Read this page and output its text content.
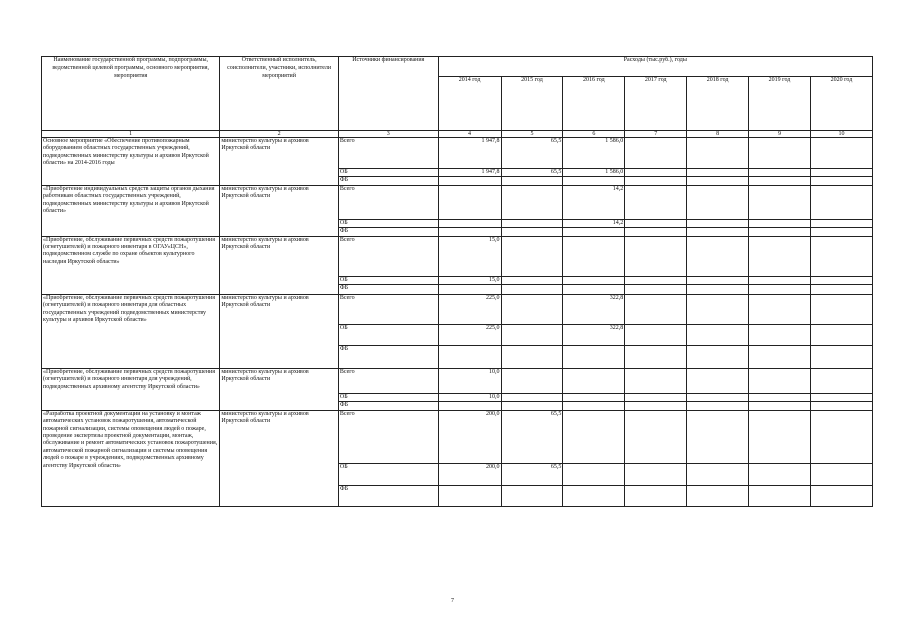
Наименование государственной программы, подпрограммы, ведомственной целевой программы, основного мероприятия, мероприятия	Ответственный исполнитель, соисполнители, участники, исполнители мероприятий	Источники финансирования	Расходы (тыс.руб.), годы						
			2014 год	2015 год	2016 год	2017 год	2018 год	2019 год	2020 год
1	2	3	4	5	6	7	8	9	10
Основное мероприятие «Обеспечение противопожарным оборудованием областных государственных учреждений, подведомственных министерству культуры и архивов Иркутской области» на 2014-2016 годы	министерство культуры и архивов Иркутской области	Всего	1 947,8	65,5	1 586,0				
		ОБ	1 947,8	65,5	1 586,0				
		ФБ							
«Приобретение индивидуальных средств защиты органов дыхания работникам областных государственных учреждений, подведомственных министерству культуры и архивов Иркутской области»	министерство культуры и архивов Иркутской области	Всего			14,2				
		ОБ			14,2				
		ФБ							
«Приобретение, обслуживание первичных средств пожаротушения (огнетушителей) и пожарного инвентаря в ОГАУ«ЦСН», подведомственном службе по охране объектов культурного наследия Иркутской области»	министерство культуры и архивов Иркутской области	Всего	15,0						
		ОБ	15,0						
		ФБ							
«Приобретение, обслуживание первичных средств пожаротушения (огнетушителей) и пожарного инвентаря для областных государственных учреждений подведомственных министерству культуры и архивов Иркутской области»	министерство культуры и архивов Иркутской области	Всего	225,0		322,8				
		ОБ	225,0		322,8				
		ФБ							
«Приобретение, обслуживание первичных средств пожаротушения (огнетушителей) и пожарного инвентаря для учреждений, подведомственных архивному агентству Иркутской области»	министерство культуры и архивов Иркутской области	Всего	10,0						
		ОБ	10,0						
		ФБ							
«Разработка проектной документации на установку и монтаж автоматических установок пожаротушения, автоматической пожарной сигнализации, системы оповещения людей о пожаре, проведение экспертизы проектной документации, монтаж, обслуживание и ремонт автоматических установок пожаротушения, автоматической пожарной сигнализации и системы оповещения людей о пожаре в учреждениях, подведомственных архивному агентству Иркутской области»	министерство культуры и архивов Иркутской области	Всего	200,0	65,5					
		ОБ	200,0	65,5					
		ФБ							
7
